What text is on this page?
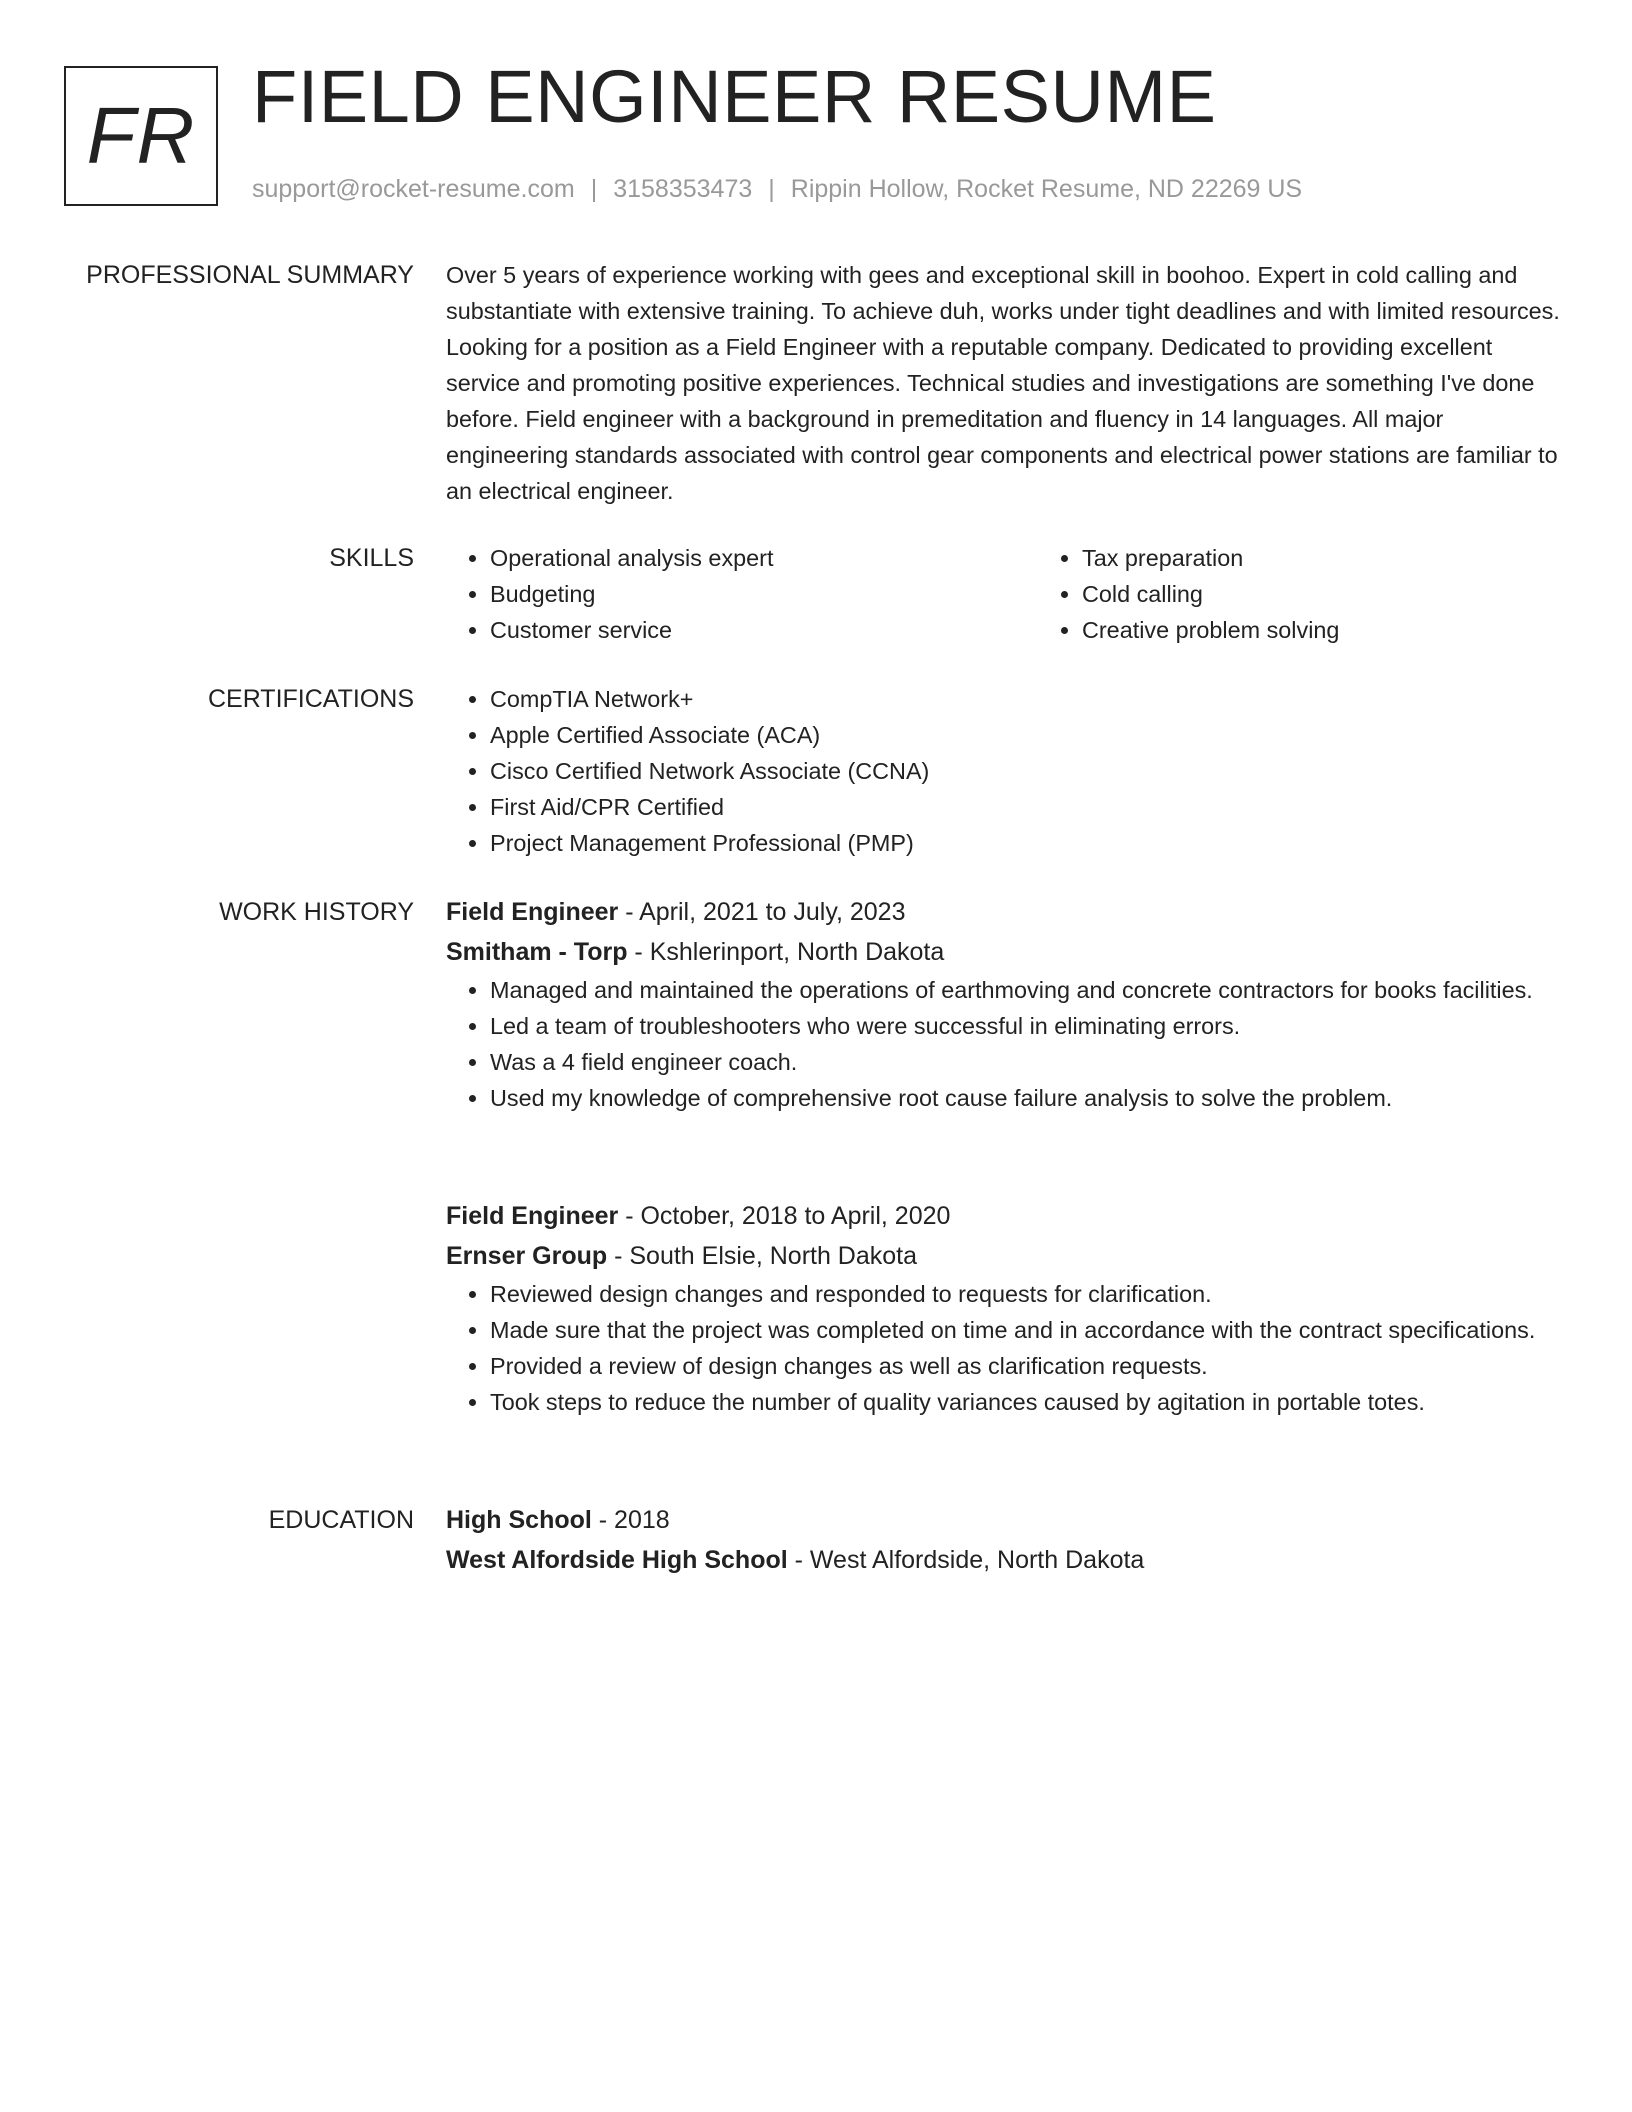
FR FIELD ENGINEER RESUME
support@rocket-resume.com | 3158353473 | Rippin Hollow, Rocket Resume, ND 22269 US
PROFESSIONAL SUMMARY Over 5 years of experience working with gees and exceptional skill in boohoo. Expert in cold calling and substantiate with extensive training. To achieve duh, works under tight deadlines and with limited resources. Looking for a position as a Field Engineer with a reputable company. Dedicated to providing excellent service and promoting positive experiences. Technical studies and investigations are something I've done before. Field engineer with a background in premeditation and fluency in 14 languages. All major engineering standards associated with control gear components and electrical power stations are familiar to an electrical engineer.

SKILLS	• Operational analysis expert
• Budgeting
• Customer service
• Tax preparation
• Cold calling
• Creative problem solving
CERTIFICATIONS	• CompTIA Network+
• Apple Certified Associate (ACA)
• Cisco Certified Network Associate (CCNA)
• First Aid/CPR Certified
• Project Management Professional (PMP)
WORK HISTORY Field Engineer - April, 2021 to July, 2023
Smitham - Torp - Kshlerinport, North Dakota
• Managed and maintained the operations of earthmoving and concrete contractors for books facilities.
• Led a team of troubleshooters who were successful in eliminating errors.
• Was a 4 field engineer coach.
• Used my knowledge of comprehensive root cause failure analysis to solve the problem.
Field Engineer - October, 2018 to April, 2020
Ernser Group - South Elsie, North Dakota
• Reviewed design changes and responded to requests for clarification.
• Made sure that the project was completed on time and in accordance with the contract specifications.
• Provided a review of design changes as well as clarification requests.
• Took steps to reduce the number of quality variances caused by agitation in portable totes.
EDUCATION High School - 2018
West Alfordside High School - West Alfordside, North Dakota
